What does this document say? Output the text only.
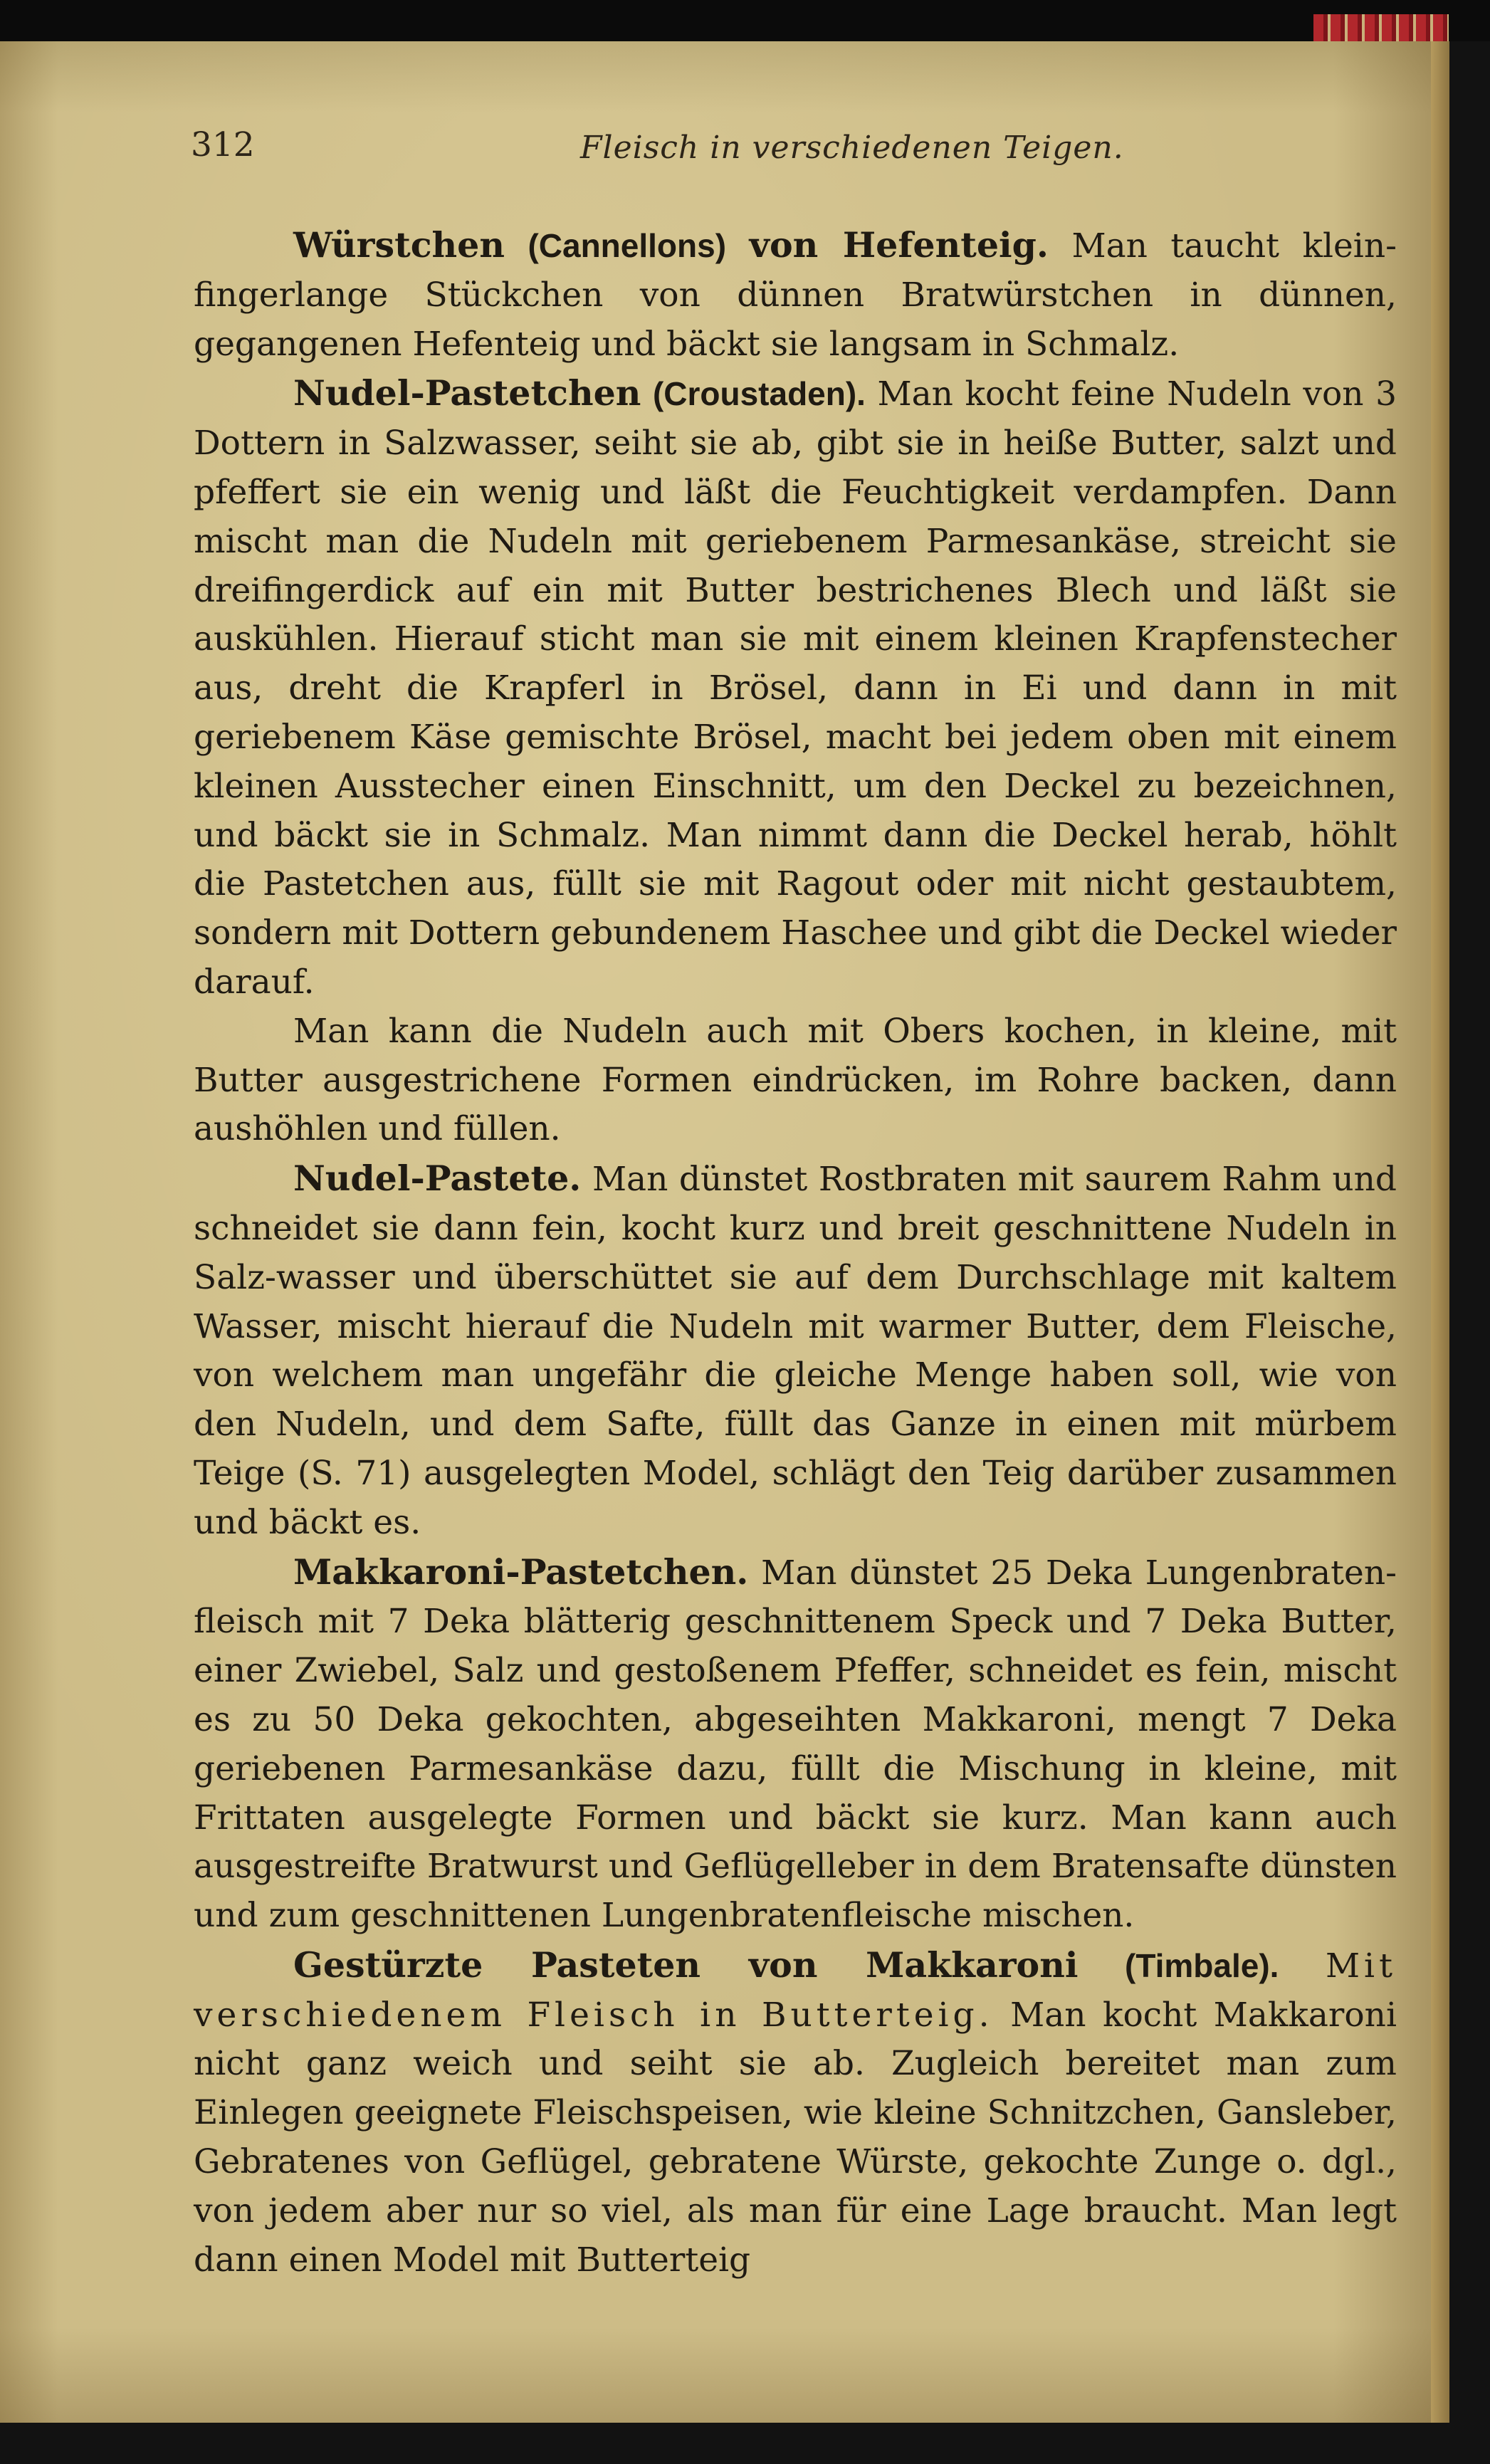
312	Fleisch in verschiedenen Teigen.

Würstchen (Cannellons) von Hefenteig. Man taucht klein-fingerlange Stückchen von dünnen Bratwürstchen in dünnen, gegangenen Hefenteig und bäckt sie langsam in Schmalz.

Nudel-Pastetchen (Croustaden). Man kocht feine Nudeln von 3 Dottern in Salzwasser, seiht sie ab, gibt sie in heiße Butter, salzt und pfeffert sie ein wenig und läßt die Feuchtigkeit verdampfen. Dann mischt man die Nudeln mit geriebenem Parmesankäse, streicht sie dreifingerdick auf ein mit Butter bestrichenes Blech und läßt sie auskühlen. Hierauf sticht man sie mit einem kleinen Krapfenstecher aus, dreht die Krapferl in Brösel, dann in Ei und dann in mit geriebenem Käse gemischte Brösel, macht bei jedem oben mit einem kleinen Ausstecher einen Einschnitt, um den Deckel zu bezeichnen, und bäckt sie in Schmalz. Man nimmt dann die Deckel herab, höhlt die Pastetchen aus, füllt sie mit Ragout oder mit nicht gestaubtem, sondern mit Dottern gebundenem Haschee und gibt die Deckel wieder darauf.

Man kann die Nudeln auch mit Obers kochen, in kleine, mit Butter ausgestrichene Formen eindrücken, im Rohre backen, dann aushöhlen und füllen.

Nudel-Pastete. Man dünstet Rostbraten mit saurem Rahm und schneidet sie dann fein, kocht kurz und breit geschnittene Nudeln in Salz-wasser und überschüttet sie auf dem Durchschlage mit kaltem Wasser, mischt hierauf die Nudeln mit warmer Butter, dem Fleische, von welchem man ungefähr die gleiche Menge haben soll, wie von den Nudeln, und dem Safte, füllt das Ganze in einen mit mürbem Teige (S. 71) ausgelegten Model, schlägt den Teig darüber zusammen und bäckt es.

Makkaroni-Pastetchen. Man dünstet 25 Deka Lungenbraten-fleisch mit 7 Deka blätterig geschnittenem Speck und 7 Deka Butter, einer Zwiebel, Salz und gestoßenem Pfeffer, schneidet es fein, mischt es zu 50 Deka gekochten, abgeseihten Makkaroni, mengt 7 Deka geriebenen Parmesankäse dazu, füllt die Mischung in kleine, mit Frittaten ausgelegte Formen und bäckt sie kurz. Man kann auch ausgestreifte Bratwurst und Geflügelleber in dem Bratensafte dünsten und zum geschnittenen Lungenbratenfleische mischen.

Gestürzte Pasteten von Makkaroni (Timbale). Mit verschiedenem Fleisch in Butterteig. Man kocht Makkaroni nicht ganz weich und seiht sie ab. Zugleich bereitet man zum Einlegen geeignete Fleischspeisen, wie kleine Schnitzchen, Gansleber, Gebratenes von Geflügel, gebratene Würste, gekochte Zunge o. dgl., von jedem aber nur so viel, als man für eine Lage braucht. Man legt dann einen Model mit Butterteig
